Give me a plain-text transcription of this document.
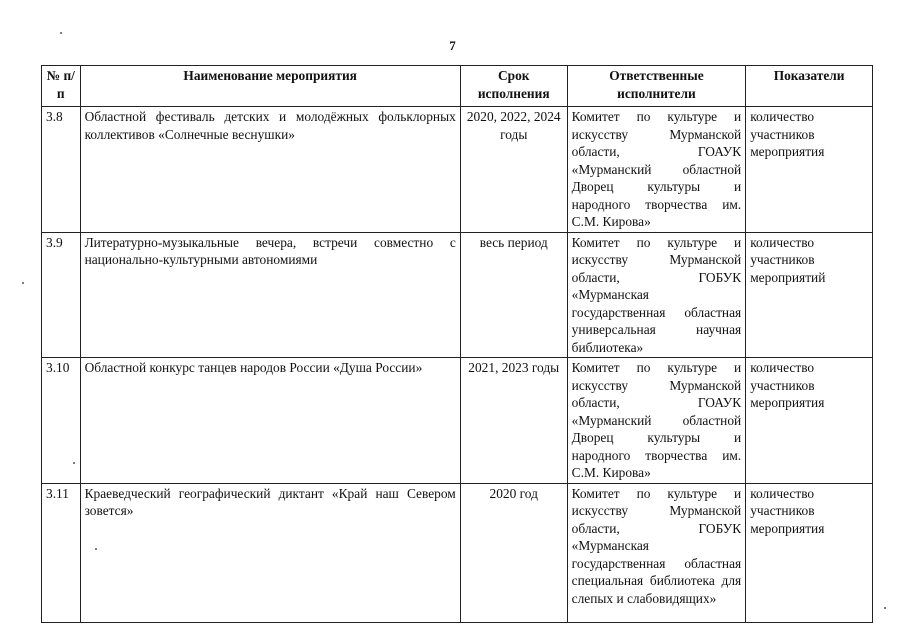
7
№ п/п	Наименование мероприятия	Срок исполнения	Ответственные исполнители	Показатели
3.8	Областной фестиваль детских и молодёжных фольклорных коллективов «Солнечные веснушки»	2020, 2022, 2024 годы	Комитет по культуре и искусству Мурманской области, ГОАУК «Мурманский областной Дворец культуры и народного творчества им. С.М. Кирова»	количество участников мероприятия
3.9	Литературно-музыкальные вечера, встречи совместно с национально-культурными автономиями	весь период	Комитет по культуре и искусству Мурманской области, ГОБУК «Мурманская государственная областная универсальная научная библиотека»	количество участников мероприятий
3.10	Областной конкурс танцев народов России «Душа России»	2021, 2023 годы	Комитет по культуре и искусству Мурманской области, ГОАУК «Мурманский областной Дворец культуры и народного творчества им. С.М. Кирова»	количество участников мероприятия
3.11	Краеведческий географический диктант «Край наш Севером зовется»	2020 год	Комитет по культуре и искусству Мурманской области, ГОБУК «Мурманская государственная областная специальная библиотека для слепых и слабовидящих»	количество участников мероприятия
